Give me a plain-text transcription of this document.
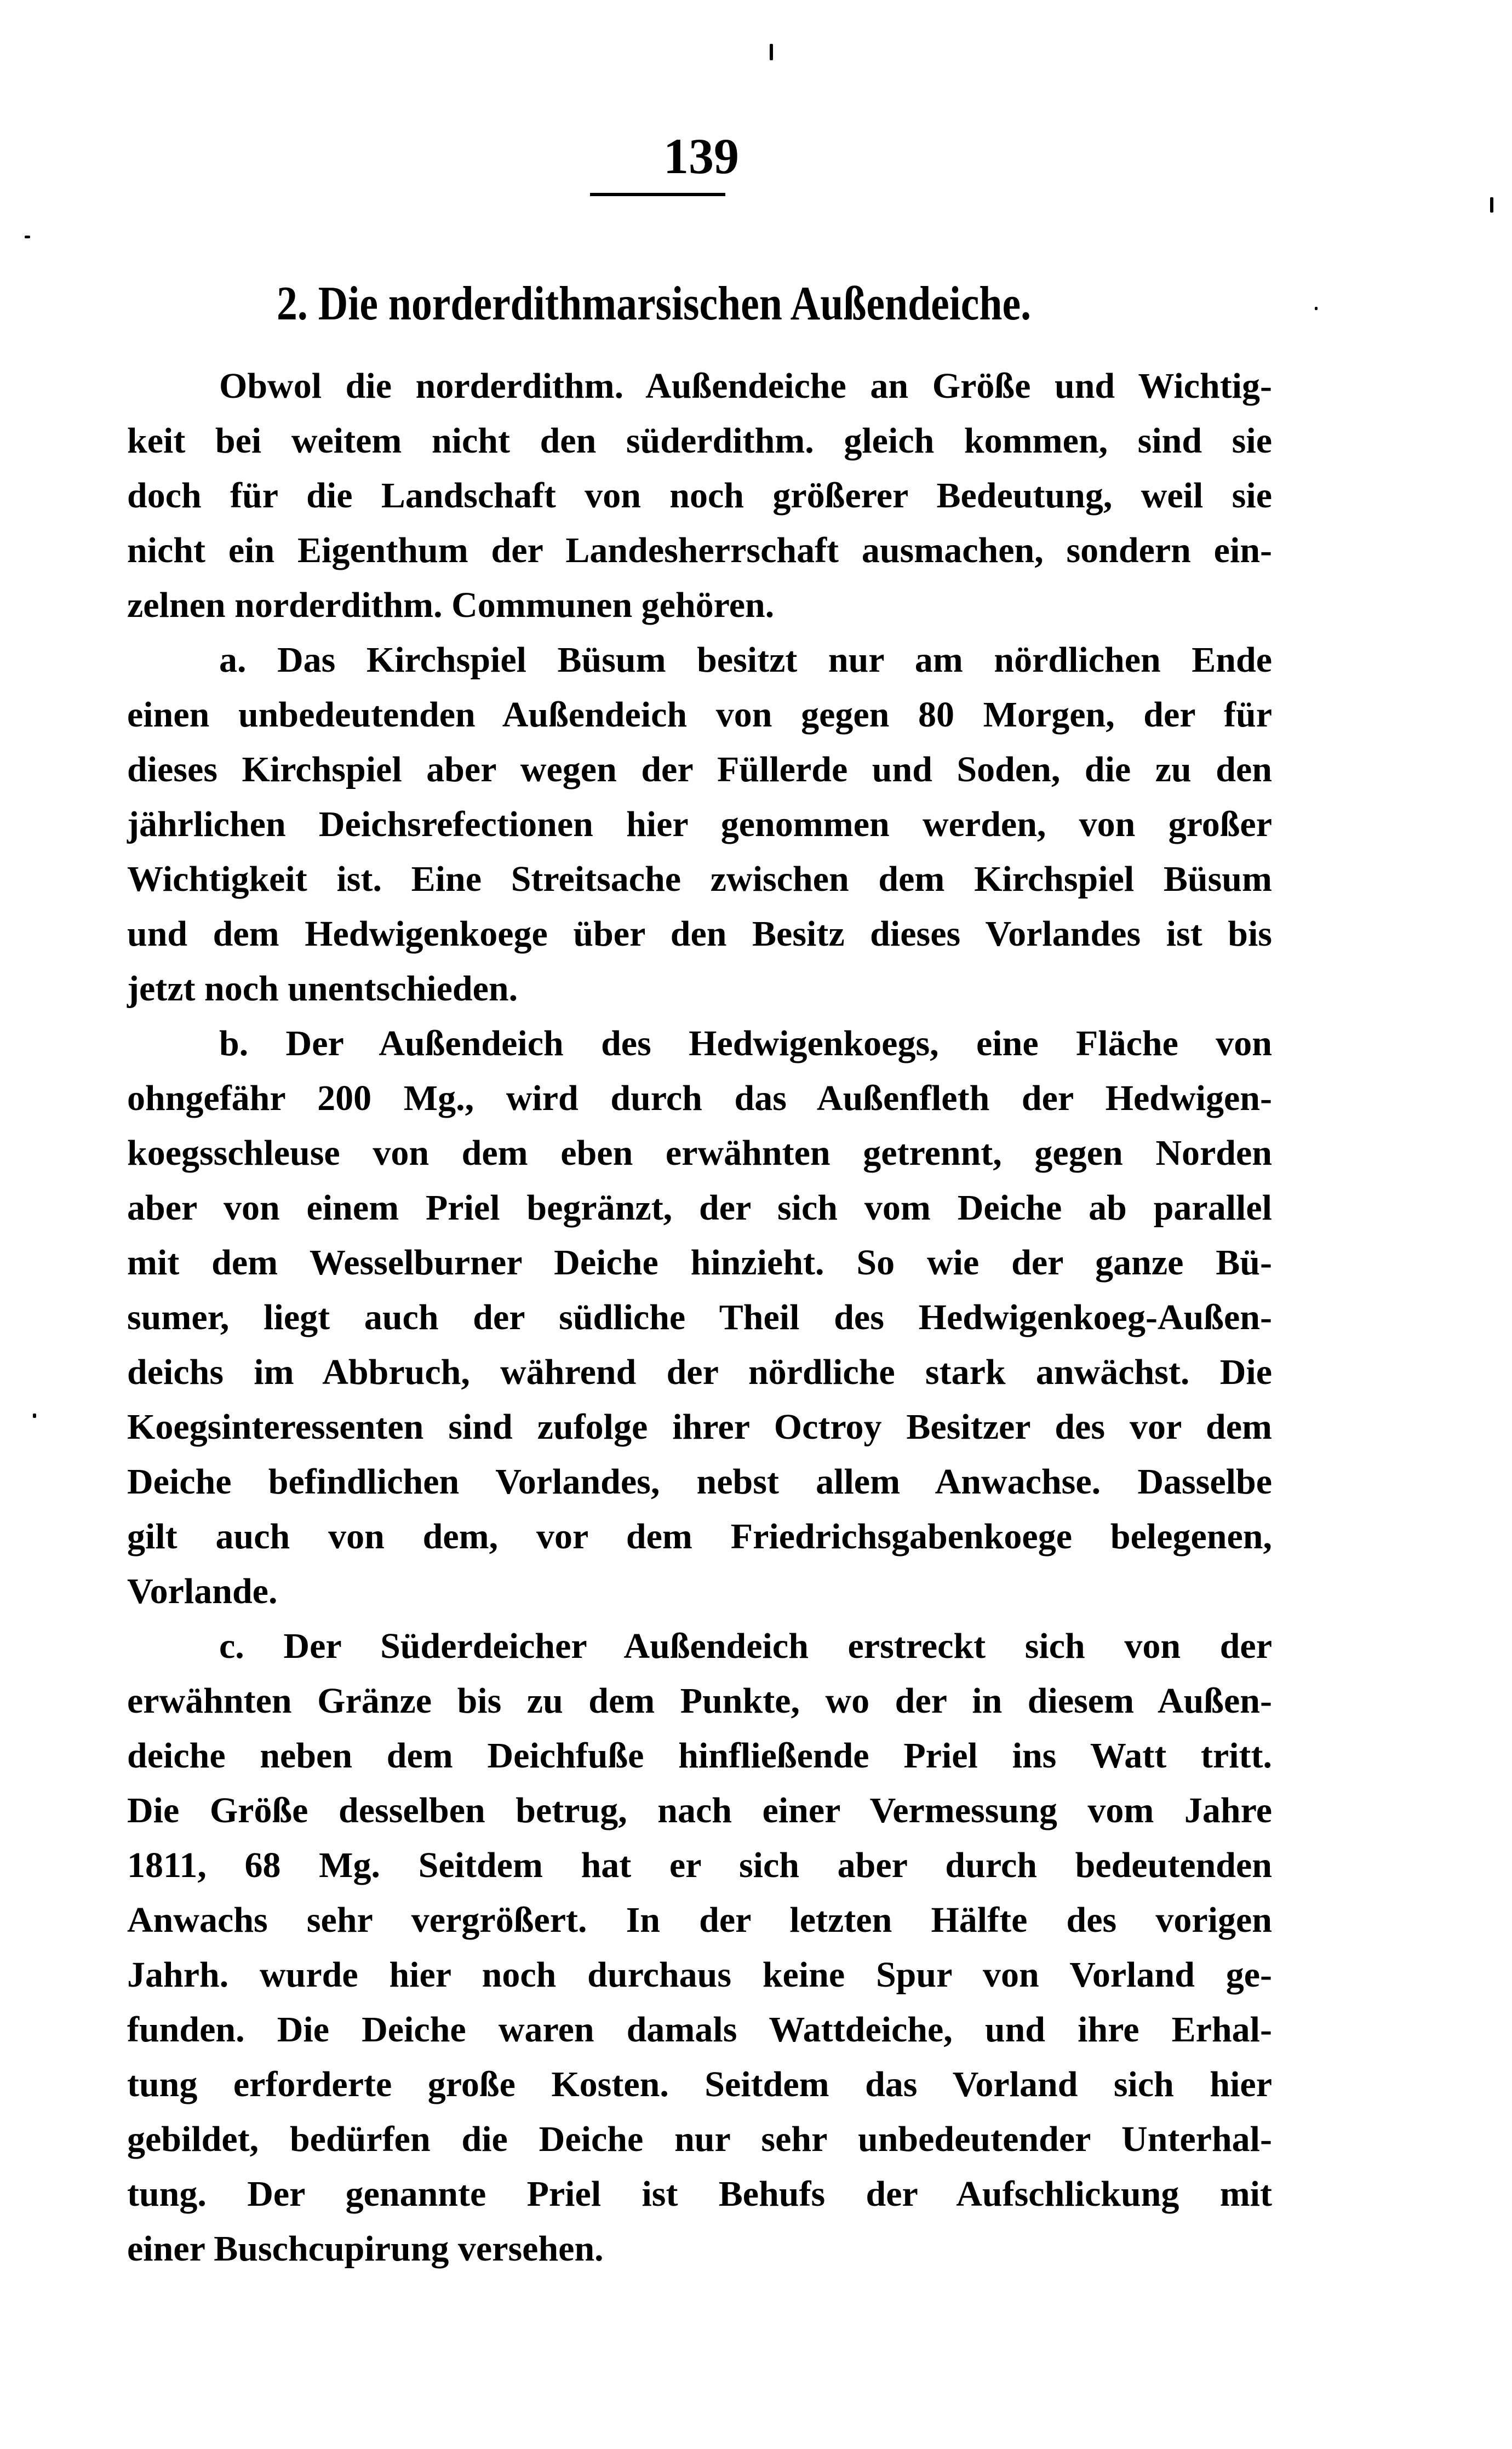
139
2. Die norderdithmarsischen Außendeiche.
Obwol die norderdithm. Außendeiche an Größe und Wichtig-
keit bei weitem nicht den süderdithm. gleich kommen, sind sie
doch für die Landschaft von noch größerer Bedeutung, weil sie
nicht ein Eigenthum der Landesherrschaft ausmachen, sondern ein-
zelnen norderdithm. Communen gehören.
a. Das Kirchspiel Büsum besitzt nur am nördlichen Ende
einen unbedeutenden Außendeich von gegen 80 Morgen, der für
dieses Kirchspiel aber wegen der Füllerde und Soden, die zu den
jährlichen Deichsrefectionen hier genommen werden, von großer
Wichtigkeit ist. Eine Streitsache zwischen dem Kirchspiel Büsum
und dem Hedwigenkoege über den Besitz dieses Vorlandes ist bis
jetzt noch unentschieden.
b. Der Außendeich des Hedwigenkoegs, eine Fläche von
ohngefähr 200 Mg., wird durch das Außenfleth der Hedwigen-
koegsschleuse von dem eben erwähnten getrennt, gegen Norden
aber von einem Priel begränzt, der sich vom Deiche ab parallel
mit dem Wesselburner Deiche hinzieht. So wie der ganze Bü-
sumer, liegt auch der südliche Theil des Hedwigenkoeg-Außen-
deichs im Abbruch, während der nördliche stark anwächst. Die
Koegsinteressenten sind zufolge ihrer Octroy Besitzer des vor dem
Deiche befindlichen Vorlandes, nebst allem Anwachse. Dasselbe
gilt auch von dem, vor dem Friedrichsgabenkoege belegenen,
Vorlande.
c. Der Süderdeicher Außendeich erstreckt sich von der
erwähnten Gränze bis zu dem Punkte, wo der in diesem Außen-
deiche neben dem Deichfuße hinfließende Priel ins Watt tritt.
Die Größe desselben betrug, nach einer Vermessung vom Jahre
1811, 68 Mg. Seitdem hat er sich aber durch bedeutenden
Anwachs sehr vergrößert. In der letzten Hälfte des vorigen
Jahrh. wurde hier noch durchaus keine Spur von Vorland ge-
funden. Die Deiche waren damals Wattdeiche, und ihre Erhal-
tung erforderte große Kosten. Seitdem das Vorland sich hier
gebildet, bedürfen die Deiche nur sehr unbedeutender Unterhal-
tung. Der genannte Priel ist Behufs der Aufschlickung mit
einer Buschcupirung versehen.
